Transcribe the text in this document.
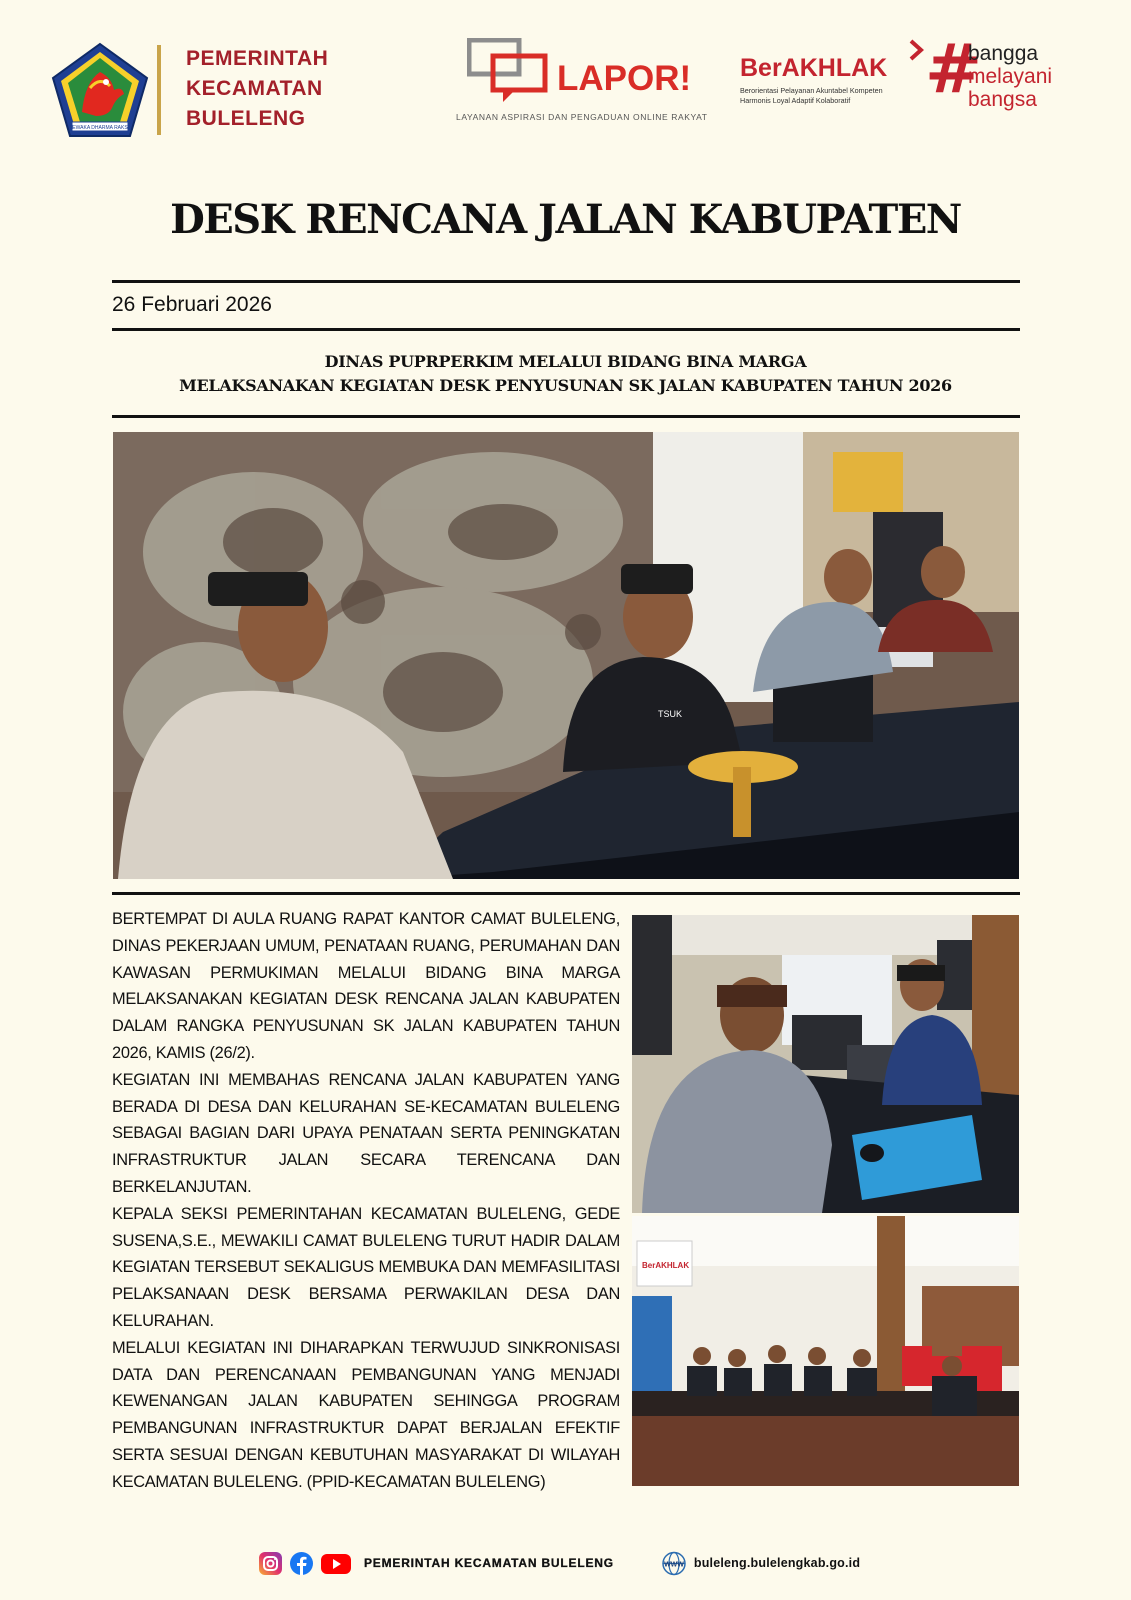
SEWAKA DHARMA RAKSA
PEMERINTAH
KECAMATAN
BULELENG
LAPOR!
LAYANAN ASPIRASI DAN PENGADUAN ONLINE RAKYAT
BerAKHLAK
Berorientasi Pelayanan Akuntabel Kompeten
Harmonis Loyal Adaptif Kolaboratif	#
bangga
melayani
bangsa
DESK RENCANA JALAN KABUPATEN
26 Februari 2026
DINAS PUPRPERKIM MELALUI BIDANG BINA MARGA
MELAKSANAKAN KEGIATAN DESK PENYUSUNAN SK JALAN KABUPATEN TAHUN 2026
TSUK

BERTEMPAT DI AULA RUANG RAPAT KANTOR CAMAT BULELENG, DINAS PEKERJAAN UMUM, PENATAAN RUANG, PERUMAHAN DAN KAWASAN PERMUKIMAN MELALUI BIDANG BINA MARGA MELAKSANAKAN KEGIATAN DESK RENCANA JALAN KABUPATEN DALAM RANGKA PENYUSUNAN SK JALAN KABUPATEN TAHUN 2026, KAMIS (26/2).

KEGIATAN INI MEMBAHAS RENCANA JALAN KABUPATEN YANG BERADA DI DESA DAN KELURAHAN SE-KECAMATAN BULELENG SEBAGAI BAGIAN DARI UPAYA PENATAAN SERTA PENINGKATAN INFRASTRUKTUR JALAN SECARA TERENCANA DAN BERKELANJUTAN.

KEPALA SEKSI PEMERINTAHAN KECAMATAN BULELENG, GEDE SUSENA,S.E., MEWAKILI CAMAT BULELENG TURUT HADIR DALAM KEGIATAN TERSEBUT SEKALIGUS MEMBUKA DAN MEMFASILITASI PELAKSANAAN DESK BERSAMA PERWAKILAN DESA DAN KELURAHAN.

MELALUI KEGIATAN INI DIHARAPKAN TERWUJUD SINKRONISASI DATA DAN PERENCANAAN PEMBANGUNAN YANG MENJADI KEWENANGAN JALAN KABUPATEN SEHINGGA PROGRAM PEMBANGUNAN INFRASTRUKTUR DAPAT BERJALAN EFEKTIF SERTA SESUAI DENGAN KEBUTUHAN MASYARAKAT DI WILAYAH KECAMATAN BULELENG. (PPID-KECAMATAN BULELENG)

BerAKHLAK
PEMERINTAH KECAMATAN BULELENG	WWW buleleng.bulelengkab.go.id
